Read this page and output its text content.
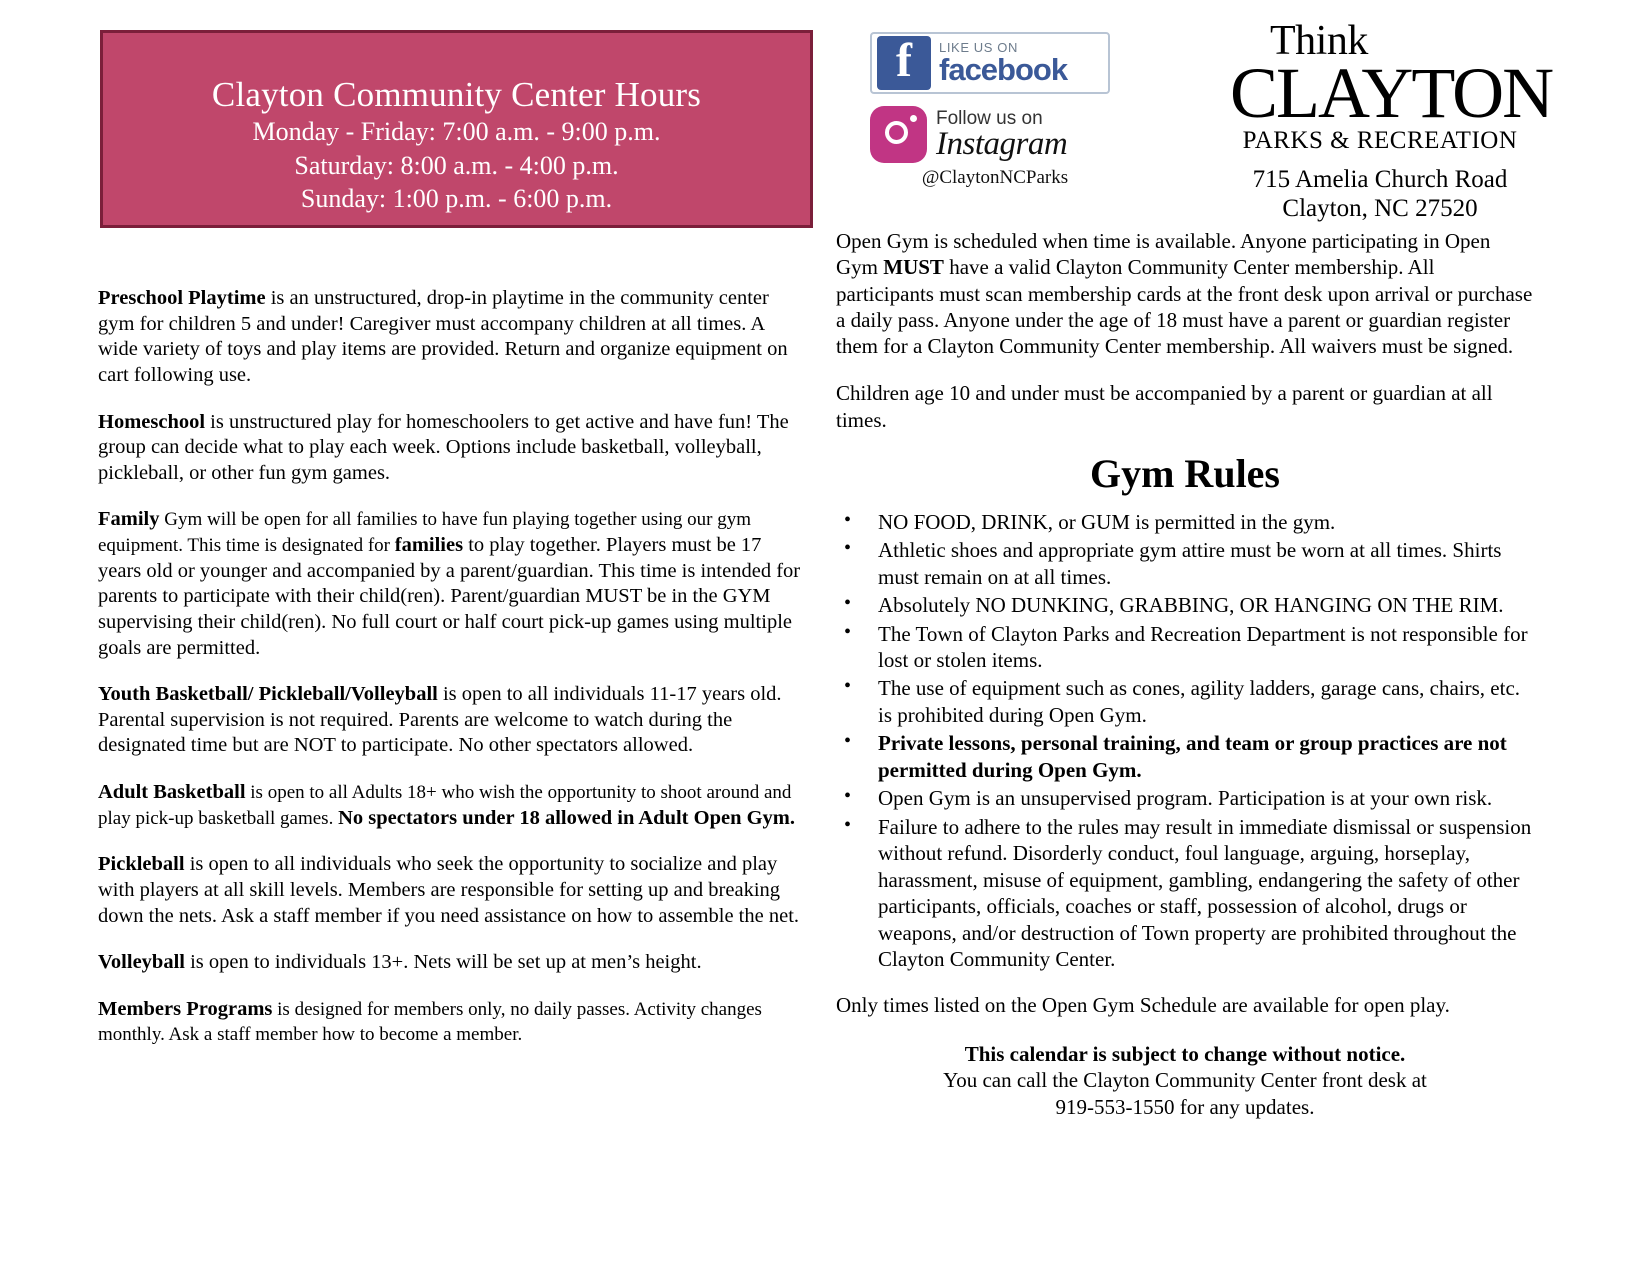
Clayton Community Center Hours
Monday - Friday: 7:00 a.m. - 9:00 p.m.
Saturday: 8:00 a.m. - 4:00 p.m.
Sunday: 1:00 p.m. - 6:00 p.m.
f	LIKE US ON
facebook
Follow us on
Instagram
@ClaytonNCParks
Think
CLAYTON
PARKS & RECREATION
715 Amelia Church Road
Clayton, NC 27520

Preschool Playtime is an unstructured, drop-in playtime in the community center gym for children 5 and under! Caregiver must accompany children at all times. A wide variety of toys and play items are provided. Return and organize equipment on cart following use.

Homeschool is unstructured play for homeschoolers to get active and have fun! The group can decide what to play each week. Options include basketball, volleyball, pickleball, or other fun gym games.

Family Gym will be open for all families to have fun playing together using our gym equipment. This time is designated for families to play together. Players must be 17 years old or younger and accompanied by a parent/guardian. This time is intended for parents to participate with their child(ren). Parent/guardian MUST be in the GYM supervising their child(ren). No full court or half court pick-up games using multiple goals are permitted.

Youth Basketball/ Pickleball/Volleyball is open to all individuals 11-17 years old. Parental supervision is not required. Parents are welcome to watch during the designated time but are NOT to participate. No other spectators allowed.

Adult Basketball is open to all Adults 18+ who wish the opportunity to shoot around and play pick-up basketball games. No spectators under 18 allowed in Adult Open Gym.

Pickleball is open to all individuals who seek the opportunity to socialize and play with players at all skill levels. Members are responsible for setting up and breaking down the nets. Ask a staff member if you need assistance on how to assemble the net.

Volleyball is open to individuals 13+. Nets will be set up at men’s height.

Members Programs is designed for members only, no daily passes. Activity changes monthly. Ask a staff member how to become a member.

Open Gym is scheduled when time is available. Anyone participating in Open Gym MUST have a valid Clayton Community Center membership. All participants must scan membership cards at the front desk upon arrival or purchase a daily pass. Anyone under the age of 18 must have a parent or guardian register them for a Clayton Community Center membership. All waivers must be signed.

Children age 10 and under must be accompanied by a parent or guardian at all times.

Gym Rules
• NO FOOD, DRINK, or GUM is permitted in the gym.
• Athletic shoes and appropriate gym attire must be worn at all times. Shirts must remain on at all times.
• Absolutely NO DUNKING, GRABBING, OR HANGING ON THE RIM.
• The Town of Clayton Parks and Recreation Department is not responsible for lost or stolen items.
• The use of equipment such as cones, agility ladders, garage cans, chairs, etc. is prohibited during Open Gym.
• Private lessons, personal training, and team or group practices are not permitted during Open Gym.
• Open Gym is an unsupervised program. Participation is at your own risk.
• Failure to adhere to the rules may result in immediate dismissal or suspension without refund. Disorderly conduct, foul language, arguing, horseplay, harassment, misuse of equipment, gambling, endangering the safety of other participants, officials, coaches or staff, possession of alcohol, drugs or weapons, and/or destruction of Town property are prohibited throughout the Clayton Community Center.
Only times listed on the Open Gym Schedule are available for open play.
This calendar is subject to change without notice.
You can call the Clayton Community Center front desk at
919-553-1550 for any updates.
